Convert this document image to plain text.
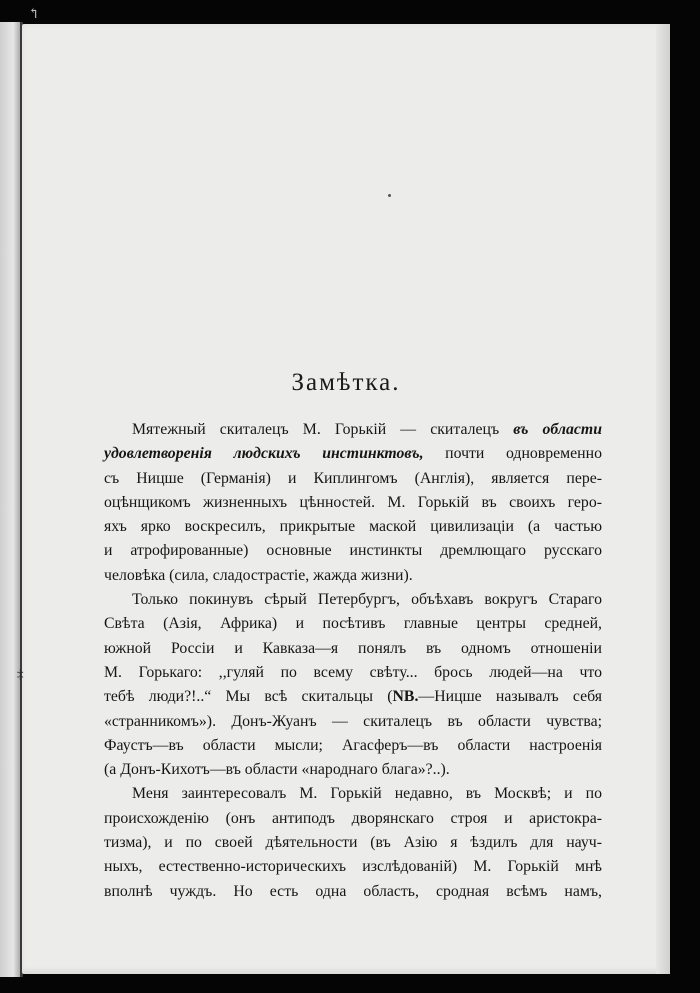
↰
Замѣтка.
Мятежный скиталецъ М. Горькій — скиталецъ въ области
удовлетворенія людскихъ инстинктовъ, почти одновременно
съ Ницше (Германія) и Киплингомъ (Англія), является пере-
оцѣнщикомъ жизненныхъ цѣнностей. М. Горькій въ своихъ геро-
яхъ ярко воскресилъ, прикрытые маской цивилизаціи (а частью
и атрофированные) основные инстинкты дремлющаго русскаго
человѣка (сила, сладострастіе, жажда жизни).
Только покинувъ сѣрый Петербургъ, объѣхавъ вокругъ Стараго
Свѣта (Азія, Африка) и посѣтивъ главные центры средней,
южной Россіи и Кавказа—я понялъ въ одномъ отношеніи
М. Горькаго: ,,гуляй по всему свѣту... брось людей—на что
тебѣ люди?!..“ Мы всѣ скитальцы (NB.—Ницше называлъ себя
«странникомъ»). Донъ-Жуанъ — скиталецъ въ области чувства;
Фаустъ—въ области мысли; Агасферъ—въ области настроенія
(а Донъ-Кихотъ—въ области «народнаго блага»?..).
Меня заинтересовалъ М. Горькій недавно, въ Москвѣ; и по
происхожденію (онъ антиподъ дворянскаго строя и аристокра-
тизма), и по своей дѣятельности (въ Азію я ѣздилъ для науч-
ныхъ, естественно-историческихъ изслѣдованій) М. Горькій мнѣ
вполнѣ чуждъ. Но есть одна область, сродная всѣмъ намъ,
‡
